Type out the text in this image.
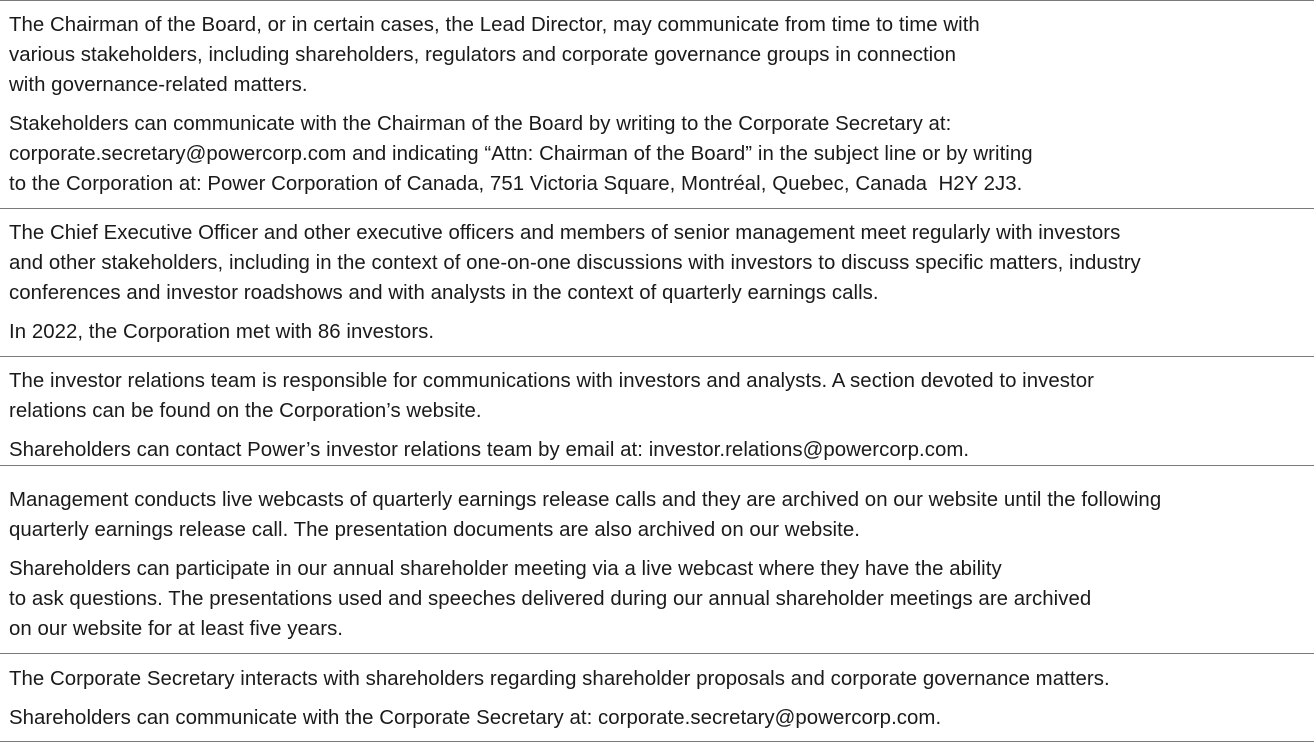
The Chairman of the Board, or in certain cases, the Lead Director, may communicate from time to time with
various stakeholders, including shareholders, regulators and corporate governance groups in connection
with governance-related matters.

Stakeholders can communicate with the Chairman of the Board by writing to the Corporate Secretary at:
corporate.secretary@powercorp.com and indicating “Attn: Chairman of the Board” in the subject line or by writing
to the Corporation at: Power Corporation of Canada, 751 Victoria Square, Montréal, Quebec, Canada  H2Y 2J3.

The Chief Executive Officer and other executive officers and members of senior management meet regularly with investors
and other stakeholders, including in the context of one-on-one discussions with investors to discuss specific matters, industry
conferences and investor roadshows and with analysts in the context of quarterly earnings calls.

In 2022, the Corporation met with 86 investors.

The investor relations team is responsible for communications with investors and analysts. A section devoted to investor
relations can be found on the Corporation’s website.

Shareholders can contact Power’s investor relations team by email at: investor.relations@powercorp.com.

Management conducts live webcasts of quarterly earnings release calls and they are archived on our website until the following
quarterly earnings release call. The presentation documents are also archived on our website.

Shareholders can participate in our annual shareholder meeting via a live webcast where they have the ability
to ask questions. The presentations used and speeches delivered during our annual shareholder meetings are archived
on our website for at least five years.

The Corporate Secretary interacts with shareholders regarding shareholder proposals and corporate governance matters.

Shareholders can communicate with the Corporate Secretary at: corporate.secretary@powercorp.com.
